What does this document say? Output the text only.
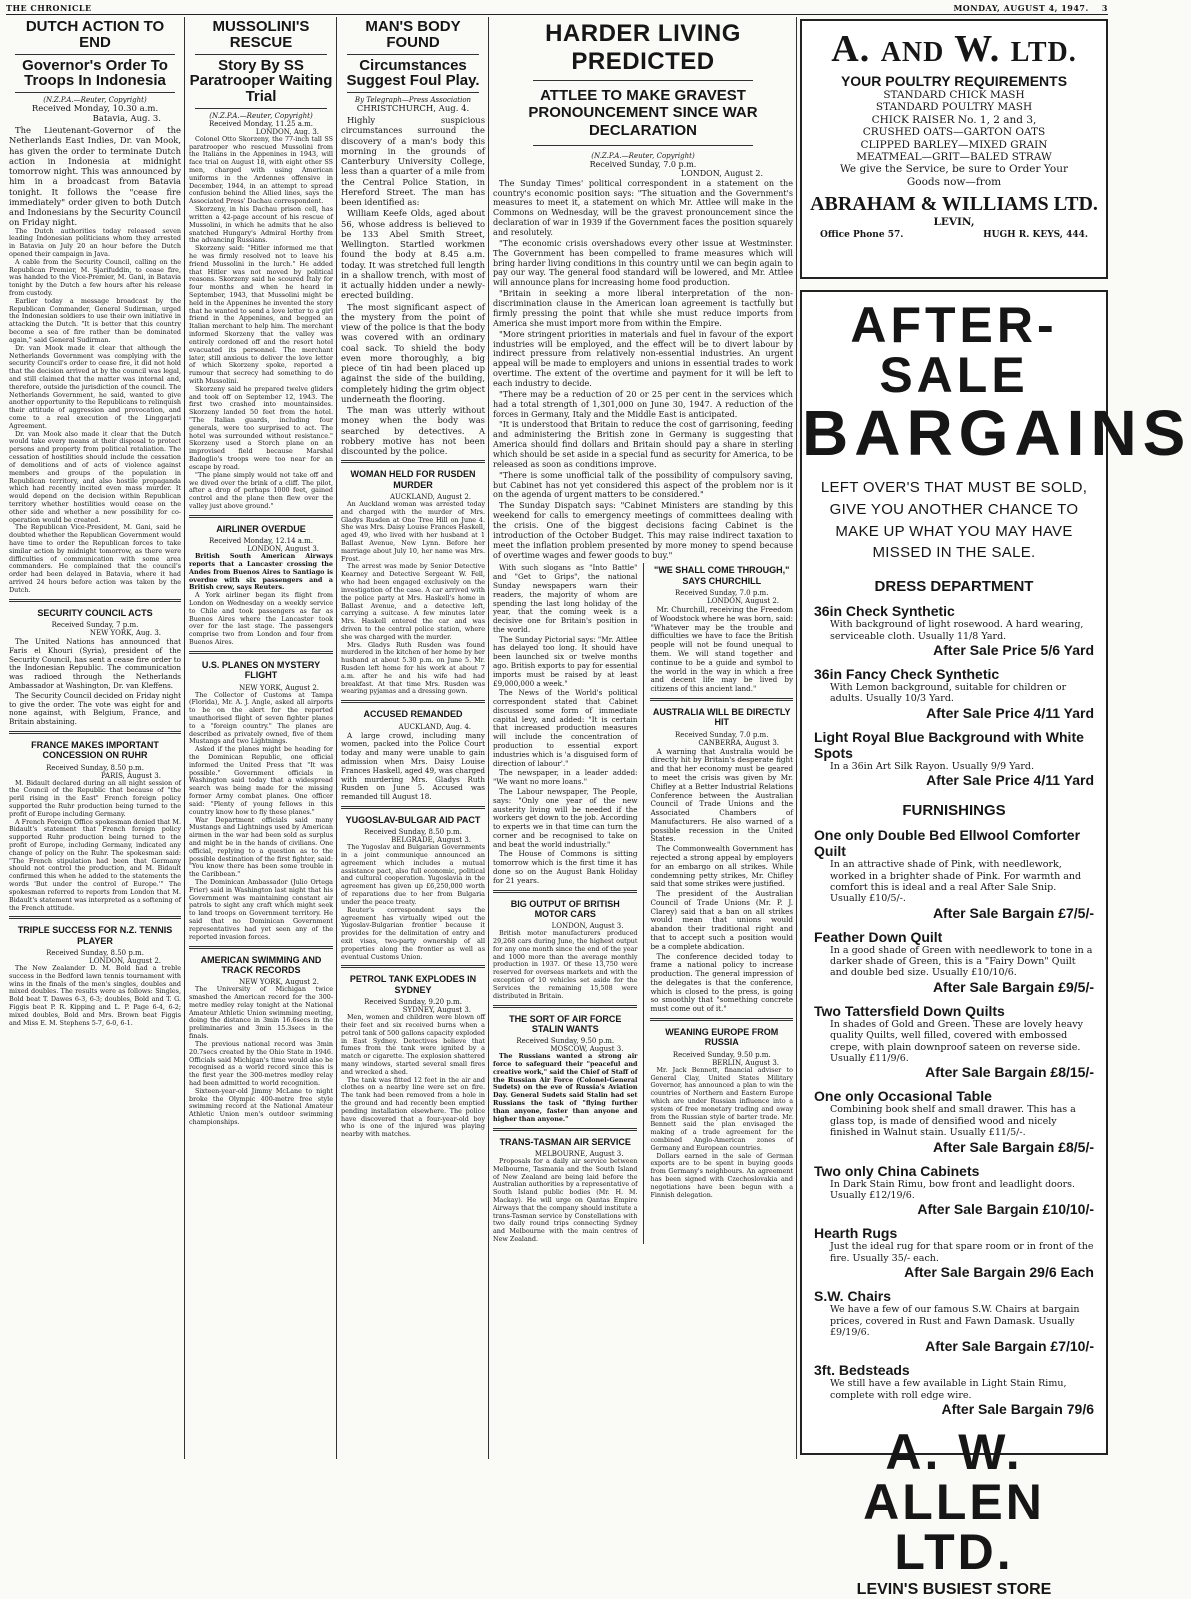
THE CHRONICLE	MONDAY, AUGUST 4, 1947. 3
DUTCH ACTION TO END
Governor's Order To Troops In Indonesia
(N.Z.P.A.—Reuter, Copyright)
Received Monday, 10.30 a.m.
Batavia, Aug. 3.

The Lieutenant-Governor of the Netherlands East Indies, Dr. van Mook, has given the order to terminate Dutch action in Indonesia at midnight tomorrow night. This was announced by him in a broadcast from Batavia tonight. It follows the "cease fire immediately" order given to both Dutch and Indonesians by the Security Council on Friday night.

The Dutch authorities today released seven leading Indonesian politicians whom they arrested in Batavia on July 20 an hour before the Dutch opened their campaign in Java.

A cable from the Security Council, calling on the Republican Premier, M. Sjarifuddin, to cease fire, was handed to the Vice-Premier, M. Gani, in Batavia tonight by the Dutch a few hours after his release from custody.

Earlier today a message broadcast by the Republican Commander, General Sudirman, urged the Indonesian soldiers to use their own initiative in attacking the Dutch. "It is better that this country become a sea of fire rather than be dominated again," said General Sudirman.

Dr. van Mook made it clear that although the Netherlands Government was complying with the security Council's order to cease fire, it did not hold that the decision arrived at by the council was legal, and still claimed that the matter was internal and, therefore, outside the jurisdiction of the council. The Netherlands Government, he said, wanted to give another opportunity to the Republicans to relinquish their attitude of aggression and provocation, and come to a real execution of the Linggarjati Agreement.

Dr. van Mook also made it clear that the Dutch would take every means at their disposal to protect persons and property from political retaliation. The cessation of hostilities should include the cessation of demolitions and of acts of violence against members and groups of the population in Republican territory, and also hostile propaganda which had recently incited even mass murder. It would depend on the decision within Republican territory whether hostilities would cease on the other side and whether a new possibility for co-operation would be created.

The Republican Vice-President, M. Gani, said he doubted whether the Republican Government would have time to order the Republican forces to take similar action by midnight tomorrow, as there were difficulties of communication with some area commanders. He complained that the council's order had been delayed in Batavia, where it had arrived 24 hours before action was taken by the Dutch.

SECURITY COUNCIL ACTS
Received Sunday, 7 p.m.
NEW YORK, Aug. 3.

The United Nations has announced that Faris el Khouri (Syria), president of the Security Council, has sent a cease fire order to the Indonesian Republic. The communication was radioed through the Netherlands Ambassador at Washington, Dr. van Kleffens.

The Security Council decided on Friday night to give the order. The vote was eight for and none against, with Belgium, France, and Britain abstaining.

FRANCE MAKES IMPORTANT CONCESSION ON RUHR
Received Sunday, 8.50 p.m.
PARIS, August 3.

M. Bidault declared during an all night session of the Council of the Republic that because of "the peril rising in the East" French foreign policy supported the Ruhr production being turned to the profit of Europe including Germany.

A French Foreign Office spokesman denied that M. Bidault's statement that French foreign policy supported Ruhr production being turned to the profit of Europe, including Germany, indicated any change of policy on the Ruhr. The spokesman said: "The French stipulation had been that Germany should not control the production, and M. Bidault confirmed this when he added to the statements the words 'But under the control of Europe.'" The spokesman referred to reports from London that M. Bidault's statement was interpreted as a softening of the French attitude.

TRIPLE SUCCESS FOR N.Z. TENNIS PLAYER
Received Sunday, 8.50 p.m.
LONDON, August 2.

The New Zealander D. M. Bold had a treble success in the Bedford lawn tennis tournament with wins in the finals of the men's singles, doubles and mixed doubles. The results were as follows: Singles, Bold beat T. Dawes 6-3, 6-3; doubles, Bold and T. G. Figgis beat P. R. Kipping and L. P. Page 6-4, 6-2; mixed doubles, Bold and Mrs. Brown beat Figgis and Miss E. M. Stephens 5-7, 6-0, 6-1.

MUSSOLINI'S RESCUE
Story By SS Paratrooper Waiting Trial
(N.Z.P.A.—Reuter, Copyright)
Received Monday, 11.25 a.m.
LONDON, Aug. 3.

Colonel Otto Skorzeny, the 77-inch tall SS paratrooper who rescued Mussolini from the Italians in the Appenines in 1943, will face trial on August 18, with eight other SS men, charged with using American uniforms in the Ardennes offensive in December, 1944, in an attempt to spread confusion behind the Allied lines, says the Associated Press' Dachau correspondent.

Skorzeny, in his Dachau prison cell, has written a 42-page account of his rescue of Mussolini, in which he admits that he also snatched Hungary's Admiral Horthy from the advancing Russians.

Skorzeny said: "Hitler informed me that he was firmly resolved not to leave his friend Mussolini in the lurch." He added that Hitler was not moved by political reasons. Skorzeny said he scoured Italy for four months and when he heard in September, 1943, that Mussolini might be held in the Appenines he invented the story that he wanted to send a love letter to a girl friend in the Appenines, and begged an Italian merchant to help him. The merchant informed Skorzeny that the valley was entirely cordoned off and the resort hotel evacuated its personnel. The merchant later, still anxious to deliver the love letter of which Skorzeny spoke, reported a rumour that secrecy had something to do with Mussolini.

Skorzeny said he prepared twelve gliders and took off on September 12, 1943. The first two crashed into mountainsides. Skorzeny landed 50 feet from the hotel. "The Italian guards, including four generals, were too surprised to act. The hotel was surrounded without resistance." Skorzeny used a Storch plane on an improvised field because Marshal Badoglio's troops were too near for an escape by road.

"The plane simply would not take off and we dived over the brink of a cliff. The pilot, after a drop of perhaps 1000 feet, gained control and the plane then flew over the valley just above ground."

AIRLINER OVERDUE
Received Monday, 12.14 a.m.
LONDON, August 3.

British South American Airways reports that a Lancaster crossing the Andes from Buenos Aires to Santiago is overdue with six passengers and a British crew, says Reuters.

A York airliner began its flight from London on Wednesday on a weekly service to Chile and took passengers as far as Buenos Aires where the Lancaster took over for the last stage. The passengers comprise two from London and four from Buenos Aires.

U.S. PLANES ON MYSTERY FLIGHT
NEW YORK, August 2.

The Collector of Customs at Tampa (Florida), Mr. A. J. Angle, asked all airports to be on the alert for the reported unauthorised flight of seven fighter planes to a "foreign country." The planes are described as privately owned, five of them Mustangs and two Lightnings.

Asked if the planes might be heading for the Dominican Republic, one official informed the United Press that "It was possible." Government officials in Washington said today that a widespread search was being made for the missing former Army combat planes. One officer said: "Plenty of young fellows in this country know how to fly these planes."

War Department officials said many Mustangs and Lightnings used by American airmen in the war had been sold as surplus and might be in the hands of civilians. One official, replying to a question as to the possible destination of the first fighter, said: "You know there has been some trouble in the Caribbean."

The Dominican Ambassador (Julio Ortega Frier) said in Washington last night that his Government was maintaining constant air patrols to sight any craft which might seek to land troops on Government territory. He said that no Dominican Government representatives had yet seen any of the reported invasion forces.

AMERICAN SWIMMING AND TRACK RECORDS
NEW YORK, August 2.

The University of Michigan twice smashed the American record for the 300-metre medley relay tonight at the National Amateur Athletic Union swimming meeting, doing the distance in 3min 16.6secs in the preliminaries and 3min 15.3secs in the finals.

The previous national record was 3min 20.7secs created by the Ohio State in 1946. Officials said Michigan's time would also be recognised as a world record since this is the first year the 300-metres medley relay had been admitted to world recognition.

Sixteen-year-old Jimmy McLane to night broke the Olympic 400-metre free style swimming record at the National Amateur Athletic Union men's outdoor swimming championships.

MAN'S BODY FOUND
Circumstances Suggest Foul Play.
By Telegraph—Press Association
CHRISTCHURCH, Aug. 4.

Highly suspicious circumstances surround the discovery of a man's body this morning in the grounds of Canterbury University College, less than a quarter of a mile from the Central Police Station, in Hereford Street. The man has been identified as:

William Keefe Olds, aged about 56, whose address is believed to be 133 Abel Smith Street, Wellington. Startled workmen found the body at 8.45 a.m. today. It was stretched full length in a shallow trench, with most of it actually hidden under a newly-erected building.

The most significant aspect of the mystery from the point of view of the police is that the body was covered with an ordinary coal sack. To shield the body even more thoroughly, a big piece of tin had been placed up against the side of the building, completely hiding the grim object underneath the flooring.

The man was utterly without money when the body was searched by detectives. A robbery motive has not been discounted by the police.

WOMAN HELD FOR RUSDEN MURDER
AUCKLAND, August 2.

An Auckland woman was arrested today and charged with the murder of Mrs. Gladys Rusden at One Tree Hill on June 4. She was Mrs. Daisy Louise Frances Haskell, aged 49, who lived with her husband at 1 Ballast Avenue, New Lynn. Before her marriage about July 10, her name was Mrs. Frost.

The arrest was made by Senior Detective Kearney and Detective Sergeant W. Fell, who had been engaged exclusively on the investigation of the case. A car arrived with the police party at Mrs. Haskell's home in Ballast Avenue, and a detective left, carrying a suitcase. A few minutes later Mrs. Haskell entered the car and was driven to the central police station, where she was charged with the murder.

Mrs. Gladys Ruth Rusden was found murdered in the kitchen of her home by her husband at about 5.30 p.m. on June 5. Mr. Rusden left home for his work at about 7 a.m. after he and his wife had had breakfast. At that time Mrs. Rusden was wearing pyjamas and a dressing gown.

ACCUSED REMANDED
AUCKLAND, Aug. 4.

A large crowd, including many women, packed into the Police Court today and many were unable to gain admission when Mrs. Daisy Louise Frances Haskell, aged 49, was charged with murdering Mrs. Gladys Ruth Rusden on June 5. Accused was remanded till August 18.

YUGOSLAV-BULGAR AID PACT
Received Sunday, 8.50 p.m.
BELGRADE, August 3.

The Yugoslav and Bulgarian Governments in a joint communique announced an agreement which includes a mutual assistance pact, also full economic, political and cultural cooperation. Yugoslavia in the agreement has given up £6,250,000 worth of reparations due to her from Bulgaria under the peace treaty.

Reuter's correspondent says the agreement has virtually wiped out the Yugoslav-Bulgarian frontier because it provides for the delimitation of entry and exit visas, two-party ownership of all properties along the frontier as well as eventual Customs Union.

PETROL TANK EXPLODES IN SYDNEY
Received Sunday, 9.20 p.m.
SYDNEY, August 3.

Men, women and children were blown off their feet and six received burns when a petrol tank of 500 gallons capacity exploded in East Sydney. Detectives believe that fumes from the tank were ignited by a match or cigarette. The explosion shattered many windows, started several small fires and wrecked a shed.

The tank was fitted 12 feet in the air and clothes on a nearby line were set on fire. The tank had been removed from a hole in the ground and had recently been emptied pending installation elsewhere. The police have discovered that a four-year-old boy who is one of the injured was playing nearby with matches.

HARDER LIVING PREDICTED
ATTLEE TO MAKE GRAVEST PRONOUNCEMENT SINCE WAR DECLARATION
(N.Z.P.A.—Reuter, Copyright)
Received Sunday, 7.0 p.m.
LONDON, August 2.

The Sunday Times' political correspondent in a statement on the country's economic position says: "The situation and the Government's measures to meet it, a statement on which Mr. Attlee will make in the Commons on Wednesday, will be the gravest pronouncement since the declaration of war in 1939 if the Government faces the position squarely and resolutely.

"The economic crisis overshadows every other issue at Westminster. The Government has been compelled to frame measures which will bring harder living conditions in this country until we can begin again to pay our way. The general food standard will be lowered, and Mr. Attlee will announce plans for increasing home food production.

"Britain in seeking a more liberal interpretation of the non-discrimination clause in the American loan agreement is tactfully but firmly pressing the point that while she must reduce imports from America she must import more from within the Empire.

"More stringent priorities in materials and fuel in favour of the export industries will be employed, and the effect will be to divert labour by indirect pressure from relatively non-essential industries. An urgent appeal will be made to employers and unions in essential trades to work overtime. The extent of the overtime and payment for it will be left to each industry to decide.

"There may be a reduction of 20 or 25 per cent in the services which had a total strength of 1,301,000 on June 30, 1947. A reduction of the forces in Germany, Italy and the Middle East is anticipated.

"It is understood that Britain to reduce the cost of garrisoning, feeding and administering the British zone in Germany is suggesting that America should find dollars and Britain should pay a share in sterling which should be set aside in a special fund as security for America, to be released as soon as conditions improve.

"There is some unofficial talk of the possibility of compulsory saving, but Cabinet has not yet considered this aspect of the problem nor is it on the agenda of urgent matters to be considered."

The Sunday Dispatch says: "Cabinet Ministers are standing by this weekend for calls to emergency meetings of committees dealing with the crisis. One of the biggest decisions facing Cabinet is the introduction of the October Budget. This may raise indirect taxation to meet the inflation problem presented by more money to spend because of overtime wages and fewer goods to buy."

With such slogans as "Into Battle" and "Get to Grips", the national Sunday newspapers warn their readers, the majority of whom are spending the last long holiday of the year, that the coming week is a decisive one for Britain's position in the world.

The Sunday Pictorial says: "Mr. Attlee has delayed too long. It should have been launched six or twelve months ago. British exports to pay for essential imports must be raised by at least £9,000,000 a week."

The News of the World's political correspondent stated that Cabinet discussed some form of immediate capital levy, and added: "It is certain that increased production measures will include the concentration of production to essential export industries which is 'a disguised form of direction of labour'."

The newspaper, in a leader added: "We want no more loans."

The Labour newspaper, The People, says: "Only one year of the new austerity living will be needed if the workers get down to the job. According to experts we in that time can turn the corner and be recognised to take on and beat the world industrially."

The House of Commons is sitting tomorrow which is the first time it has done so on the August Bank Holiday for 21 years.

BIG OUTPUT OF BRITISH MOTOR CARS
LONDON, August 3.

British motor manufacturers produced 29,268 cars during June, the highest output for any one month since the end of the year and 1000 more than the average monthly production in 1937. Of these 13,750 were reserved for overseas markets and with the exception of 10 vehicles set aside for the Services the remaining 15,508 were distributed in Britain.

THE SORT OF AIR FORCE STALIN WANTS
Received Sunday, 9.50 p.m.
MOSCOW, August 3.

The Russians wanted a strong air force to safeguard their "peaceful and creative work," said the Chief of Staff of the Russian Air Force (Colonel-General Sudets) on the eve of Russia's Aviation Day. General Sudets said Stalin had set Russians the task of "flying further than anyone, faster than anyone and higher than anyone."

TRANS-TASMAN AIR SERVICE
MELBOURNE, August 3.

Proposals for a daily air service between Melbourne, Tasmania and the South Island of New Zealand are being laid before the Australian authorities by a representative of South Island public bodies (Mr. H. M. Mackay). He will urge on Qantas Empire Airways that the company should institute a trans-Tasman service by Constellations with two daily round trips connecting Sydney and Melbourne with the main centres of New Zealand.

"WE SHALL COME THROUGH," SAYS CHURCHILL
Received Sunday, 7.0 p.m.
LONDON, August 2.

Mr. Churchill, receiving the Freedom of Woodstock where he was born, said: "Whatever may be the trouble and difficulties we have to face the British people will not be found unequal to them. We will stand together and continue to be a guide and symbol to the world in the way in which a free and decent life may be lived by citizens of this ancient land."

AUSTRALIA WILL BE DIRECTLY HIT
Received Sunday, 7.0 p.m.
CANBERRA, August 3.

A warning that Australia would be directly hit by Britain's desperate fight and that her economy must be geared to meet the crisis was given by Mr. Chifley at a Better Industrial Relations Conference between the Australian Council of Trade Unions and the Associated Chambers of Manufacturers. He also warned of a possible recession in the United States.

The Commonwealth Government has rejected a strong appeal by employers for an embargo on all strikes. While condemning petty strikes, Mr. Chifley said that some strikes were justified.

The president of the Australian Council of Trade Unions (Mr. P. J. Clarey) said that a ban on all strikes would mean that unions would abandon their traditional right and that to accept such a position would be a complete abdication.

The conference decided today to frame a national policy to increase production. The general impression of the delegates is that the conference, which is closed to the press, is going so smoothly that "something concrete must come out of it."

WEANING EUROPE FROM RUSSIA
Received Sunday, 9.50 p.m.
BERLIN, August 3.

Mr. Jack Bennett, financial adviser to General Clay, United States Military Governor, has announced a plan to win the countries of Northern and Eastern Europe which are under Russian influence into a system of free monetary trading and away from the Russian style of barter trade. Mr. Bennett said the plan envisaged the making of a trade agreement for the combined Anglo-American zones of Germany and European countries.

Dollars earned in the sale of German exports are to be spent in buying goods from Germany's neighbours. An agreement has been signed with Czechoslovakia and negotiations have been begun with a Finnish delegation.

A. AND W. LTD.
YOUR POULTRY REQUIREMENTS
STANDARD CHICK MASH
STANDARD POULTRY MASH
CHICK RAISER No. 1, 2 and 3,
CRUSHED OATS—GARTON OATS
CLIPPED BARLEY—MIXED GRAIN
MEATMEAL—GRIT—BALED STRAW
We give the Service, be sure to Order Your
Goods now—from
ABRAHAM & WILLIAMS LTD.
LEVIN,
Office Phone 57.	HUGH R. KEYS, 444.
AFTER-SALE
BARGAINS
LEFT OVER'S THAT MUST BE SOLD, GIVE YOU ANOTHER CHANCE TO MAKE UP WHAT YOU MAY HAVE MISSED IN THE SALE.
DRESS DEPARTMENT
36in Check Synthetic
With background of light rosewood. A hard wearing, serviceable cloth. Usually 11/8 Yard.
After Sale Price 5/6 Yard
36in Fancy Check Synthetic
With Lemon background, suitable for children or adults. Usually 10/3 Yard.
After Sale Price 4/11 Yard
Light Royal Blue Background with White Spots
In a 36in Art Silk Rayon. Usually 9/9 Yard.
After Sale Price 4/11 Yard
FURNISHINGS
One only Double Bed Ellwool Comforter Quilt
In an attractive shade of Pink, with needlework, worked in a brighter shade of Pink. For warmth and comfort this is ideal and a real After Sale Snip. Usually £10/5/-.
After Sale Bargain £7/5/-
Feather Down Quilt
In a good shade of Green with needlework to tone in a darker shade of Green, this is a "Fairy Down" Quilt and double bed size. Usually £10/10/6.
After Sale Bargain £9/5/-
Two Tattersfield Down Quilts
In shades of Gold and Green. These are lovely heavy quality Quilts, well filled, covered with embossed crepe, with plain downproof sateen on reverse side. Usually £11/9/6.
After Sale Bargain £8/15/-
One only Occasional Table
Combining book shelf and small drawer. This has a glass top, is made of densified wood and nicely finished in Walnut stain. Usually £11/5/-.
After Sale Bargain £8/5/-
Two only China Cabinets
In Dark Stain Rimu, bow front and leadlight doors. Usually £12/19/6.
After Sale Bargain £10/10/-
Hearth Rugs
Just the ideal rug for that spare room or in front of the fire. Usually 35/- each.
After Sale Bargain 29/6 Each
S.W. Chairs
We have a few of our famous S.W. Chairs at bargain prices, covered in Rust and Fawn Damask. Usually £9/19/6.
After Sale Bargain £7/10/-
3ft. Bedsteads
We still have a few available in Light Stain Rimu, complete with roll edge wire.
After Sale Bargain 79/6
A. W. ALLEN LTD.
LEVIN'S BUSIEST STORE
